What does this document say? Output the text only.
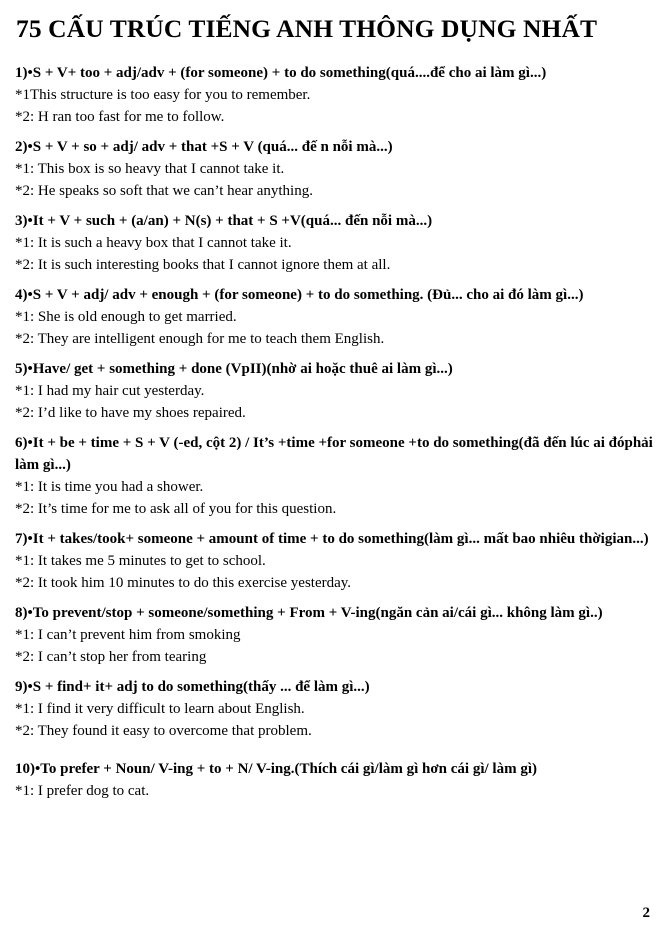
75 CẤU TRÚC TIẾNG ANH THÔNG DỤNG NHẤT
1)•S + V+ too + adj/adv + (for someone) + to do something(quá....để cho ai làm gì...)
*1This structure is too easy for you to remember.
*2: H ran too fast for me to follow.
2)•S + V + so + adj/ adv + that +S + V (quá... đế n nỗi mà...)
*1: This box is so heavy that I cannot take it.
*2: He speaks so soft that we can’t hear anything.
3)•It + V + such + (a/an) + N(s) + that + S +V(quá... đến nỗi mà...)
*1: It is such a heavy box that I cannot take it.
*2: It is such interesting books that I cannot ignore them at all.
4)•S + V + adj/ adv + enough + (for someone) + to do something. (Đủ... cho ai đó làm gì...)
*1: She is old enough to get married.
*2: They are intelligent enough for me to teach them English.
5)•Have/ get + something + done (VpII)(nhờ ai hoặc thuê ai làm gì...)
*1: I had my hair cut yesterday.
*2: I’d like to have my shoes repaired.
6)•It + be + time + S + V (-ed, cột 2) / It’s +time +for someone +to do something(đã đến lúc ai đóphải làm gì...)
*1: It is time you had a shower.
*2: It’s time for me to ask all of you for this question.
7)•It + takes/took+ someone + amount of time + to do something(làm gì... mất bao nhiêu thờigian...)
*1: It takes me 5 minutes to get to school.
*2: It took him 10 minutes to do this exercise yesterday.
8)•To prevent/stop + someone/something + From + V-ing(ngăn cản ai/cái gì... không làm gì..)
*1: I can’t prevent him from smoking
*2: I can’t stop her from tearing
9)•S + find+ it+ adj to do something(thấy ... để làm gì...)
*1: I find it very difficult to learn about English.
*2: They found it easy to overcome that problem.
10)•To prefer + Noun/ V-ing + to + N/ V-ing.(Thích cái gì/làm gì hơn cái gì/ làm gì)
*1: I prefer dog to cat.
2
